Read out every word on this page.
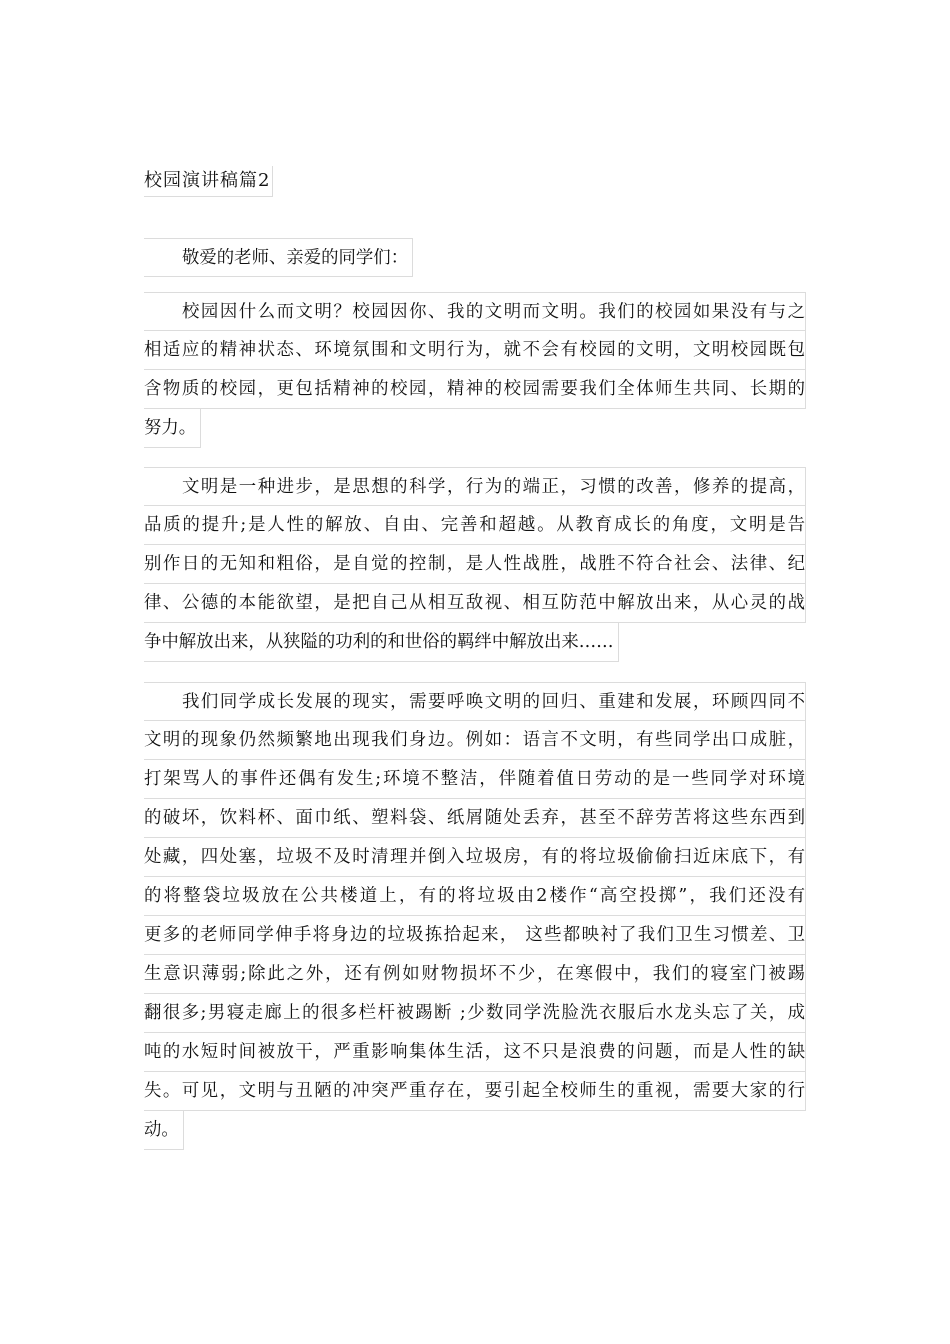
校园演讲稿篇2
敬爱的老师、亲爱的同学们：
校园因什么而文明？校园因你、我的文明而文明。我们的校园如果没有与之
相适应的精神状态、环境氛围和文明行为，就不会有校园的文明，文明校园既包
含物质的校园，更包括精神的校园，精神的校园需要我们全体师生共同、长期的
努力。
文明是一种进步，是思想的科学，行为的端正，习惯的改善，修养的提高，
品质的提升;是人性的解放、自由、完善和超越。从教育成长的角度，文明是告
别作日的无知和粗俗，是自觉的控制，是人性战胜，战胜不符合社会、法律、纪
律、公德的本能欲望，是把自己从相互敌视、相互防范中解放出来，从心灵的战
争中解放出来，从狭隘的功利的和世俗的羁绊中解放出来……
我们同学成长发展的现实，需要呼唤文明的回归、重建和发展，环顾四同不
文明的现象仍然频繁地出现我们身边。例如：语言不文明，有些同学出口成脏，
打架骂人的事件还偶有发生;环境不整洁，伴随着值日劳动的是一些同学对环境
的破坏，饮料杯、面巾纸、塑料袋、纸屑随处丢弃，甚至不辞劳苦将这些东西到
处藏，四处塞，垃圾不及时清理并倒入垃圾房，有的将垃圾偷偷扫近床底下，有
的将整袋垃圾放在公共楼道上，有的将垃圾由2楼作“高空投掷”，我们还没有
更多的老师同学伸手将身边的垃圾拣拾起来， 这些都映衬了我们卫生习惯差、卫
生意识薄弱;除此之外，还有例如财物损坏不少，在寒假中，我们的寝室门被踢
翻很多;男寝走廊上的很多栏杆被踢断 ;少数同学洗脸洗衣服后水龙头忘了关，成
吨的水短时间被放干，严重影响集体生活，这不只是浪费的问题，而是人性的缺
失。可见，文明与丑陋的冲突严重存在，要引起全校师生的重视，需要大家的行
动。
